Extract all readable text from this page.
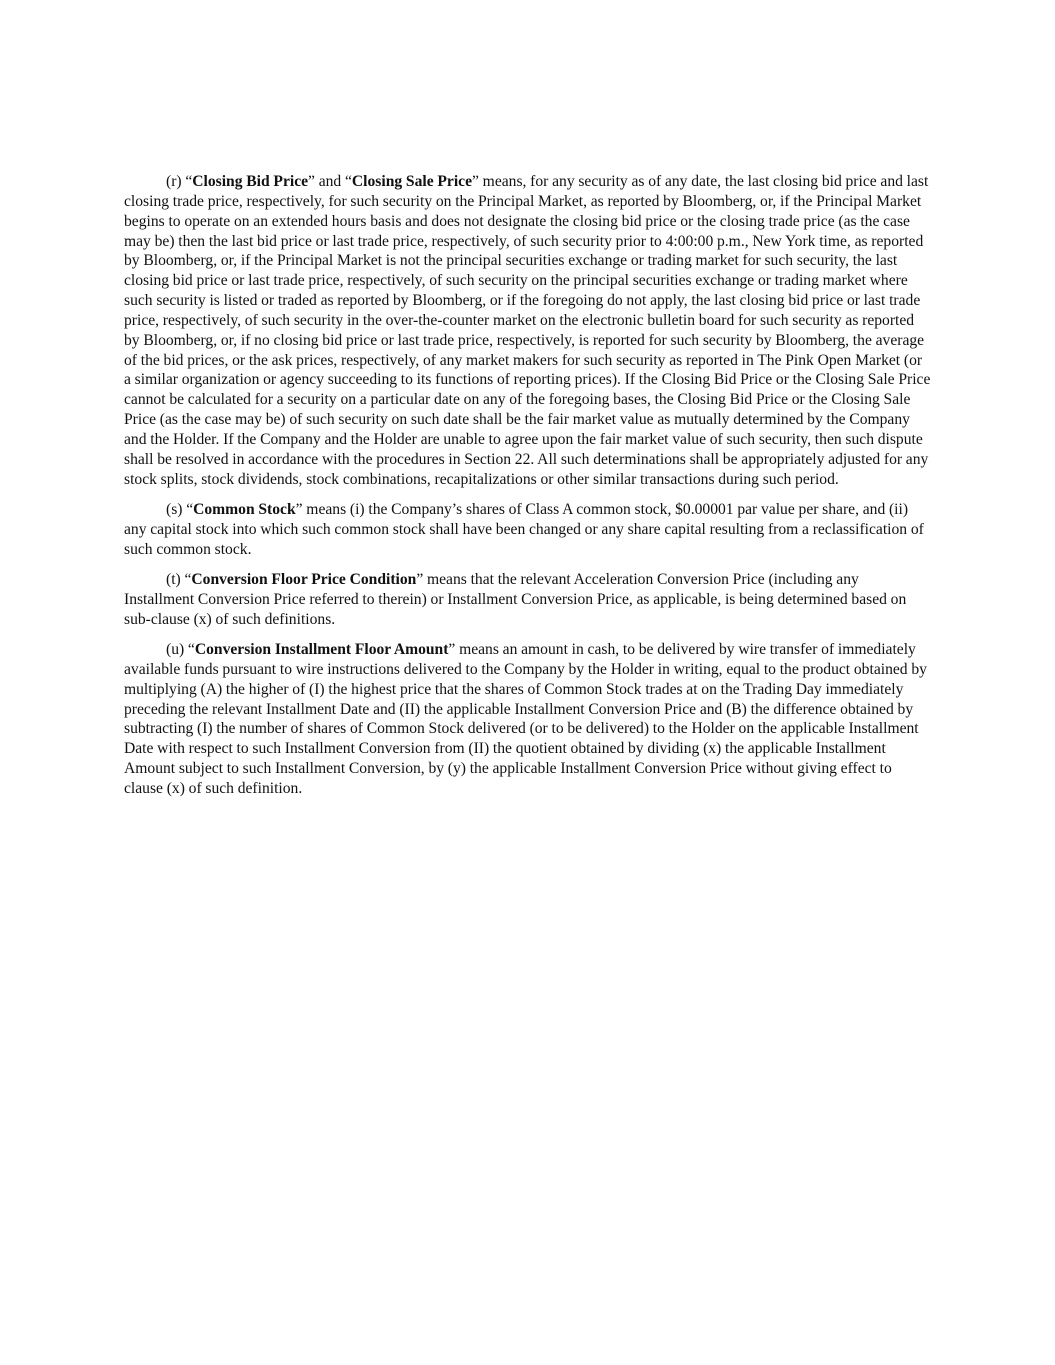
(r) “Closing Bid Price” and “Closing Sale Price” means, for any security as of any date, the last closing bid price and last closing trade price, respectively, for such security on the Principal Market, as reported by Bloomberg, or, if the Principal Market begins to operate on an extended hours basis and does not designate the closing bid price or the closing trade price (as the case may be) then the last bid price or last trade price, respectively, of such security prior to 4:00:00 p.m., New York time, as reported by Bloomberg, or, if the Principal Market is not the principal securities exchange or trading market for such security, the last closing bid price or last trade price, respectively, of such security on the principal securities exchange or trading market where such security is listed or traded as reported by Bloomberg, or if the foregoing do not apply, the last closing bid price or last trade price, respectively, of such security in the over-the-counter market on the electronic bulletin board for such security as reported by Bloomberg, or, if no closing bid price or last trade price, respectively, is reported for such security by Bloomberg, the average of the bid prices, or the ask prices, respectively, of any market makers for such security as reported in The Pink Open Market (or a similar organization or agency succeeding to its functions of reporting prices). If the Closing Bid Price or the Closing Sale Price cannot be calculated for a security on a particular date on any of the foregoing bases, the Closing Bid Price or the Closing Sale Price (as the case may be) of such security on such date shall be the fair market value as mutually determined by the Company and the Holder. If the Company and the Holder are unable to agree upon the fair market value of such security, then such dispute shall be resolved in accordance with the procedures in Section 22. All such determinations shall be appropriately adjusted for any stock splits, stock dividends, stock combinations, recapitalizations or other similar transactions during such period.

(s) “Common Stock” means (i) the Company’s shares of Class A common stock, $0.00001 par value per share, and (ii) any capital stock into which such common stock shall have been changed or any share capital resulting from a reclassification of such common stock.

(t) “Conversion Floor Price Condition” means that the relevant Acceleration Conversion Price (including any Installment Conversion Price referred to therein) or Installment Conversion Price, as applicable, is being determined based on sub-clause (x) of such definitions.

(u) “Conversion Installment Floor Amount” means an amount in cash, to be delivered by wire transfer of immediately available funds pursuant to wire instructions delivered to the Company by the Holder in writing, equal to the product obtained by multiplying (A) the higher of (I) the highest price that the shares of Common Stock trades at on the Trading Day immediately preceding the relevant Installment Date and (II) the applicable Installment Conversion Price and (B) the difference obtained by subtracting (I) the number of shares of Common Stock delivered (or to be delivered) to the Holder on the applicable Installment Date with respect to such Installment Conversion from (II) the quotient obtained by dividing (x) the applicable Installment Amount subject to such Installment Conversion, by (y) the applicable Installment Conversion Price without giving effect to clause (x) of such definition.
